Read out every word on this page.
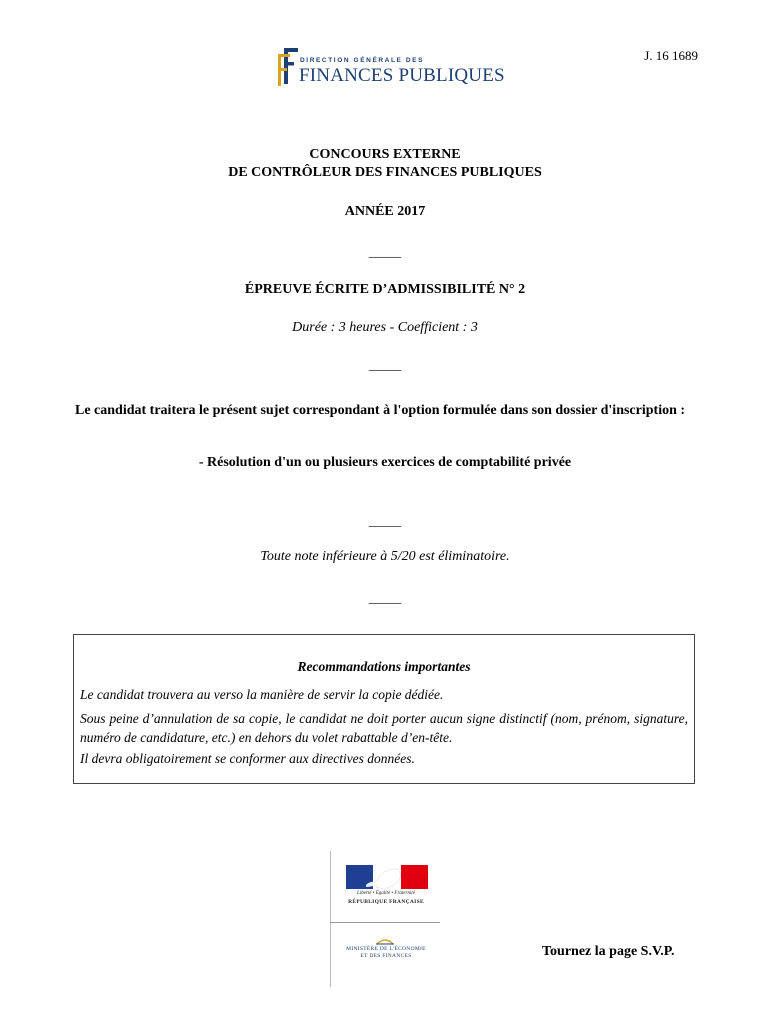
DIRECTION GÉNÉRALE DES
FINANCES PUBLIQUES
J. 16 1689
CONCOURS EXTERNE
DE CONTRÔLEUR DES FINANCES PUBLIQUES
ANNÉE 2017
_____
ÉPREUVE ÉCRITE D’ADMISSIBILITÉ N° 2
Durée : 3 heures - Coefficient : 3
_____
Le candidat traitera le présent sujet correspondant à l'option formulée dans son dossier d'inscription :
- Résolution d'un ou plusieurs exercices de comptabilité privée
_____
Toute note inférieure à 5/20 est éliminatoire.
_____
Recommandations importantes
Le candidat trouvera au verso la manière de servir la copie dédiée.
Sous peine d’annulation de sa copie, le candidat ne doit porter aucun signe distinctif (nom, prénom, signature, numéro de candidature, etc.) en dehors du volet rabattable d’en-tête.
Il devra obligatoirement se conformer aux directives données.
Liberté • Égalité • Fraternité
RÉPUBLIQUE FRANÇAISE
MINISTÈRE DE L'ÉCONOMIE
ET DES FINANCES	Tournez la page S.V.P.
